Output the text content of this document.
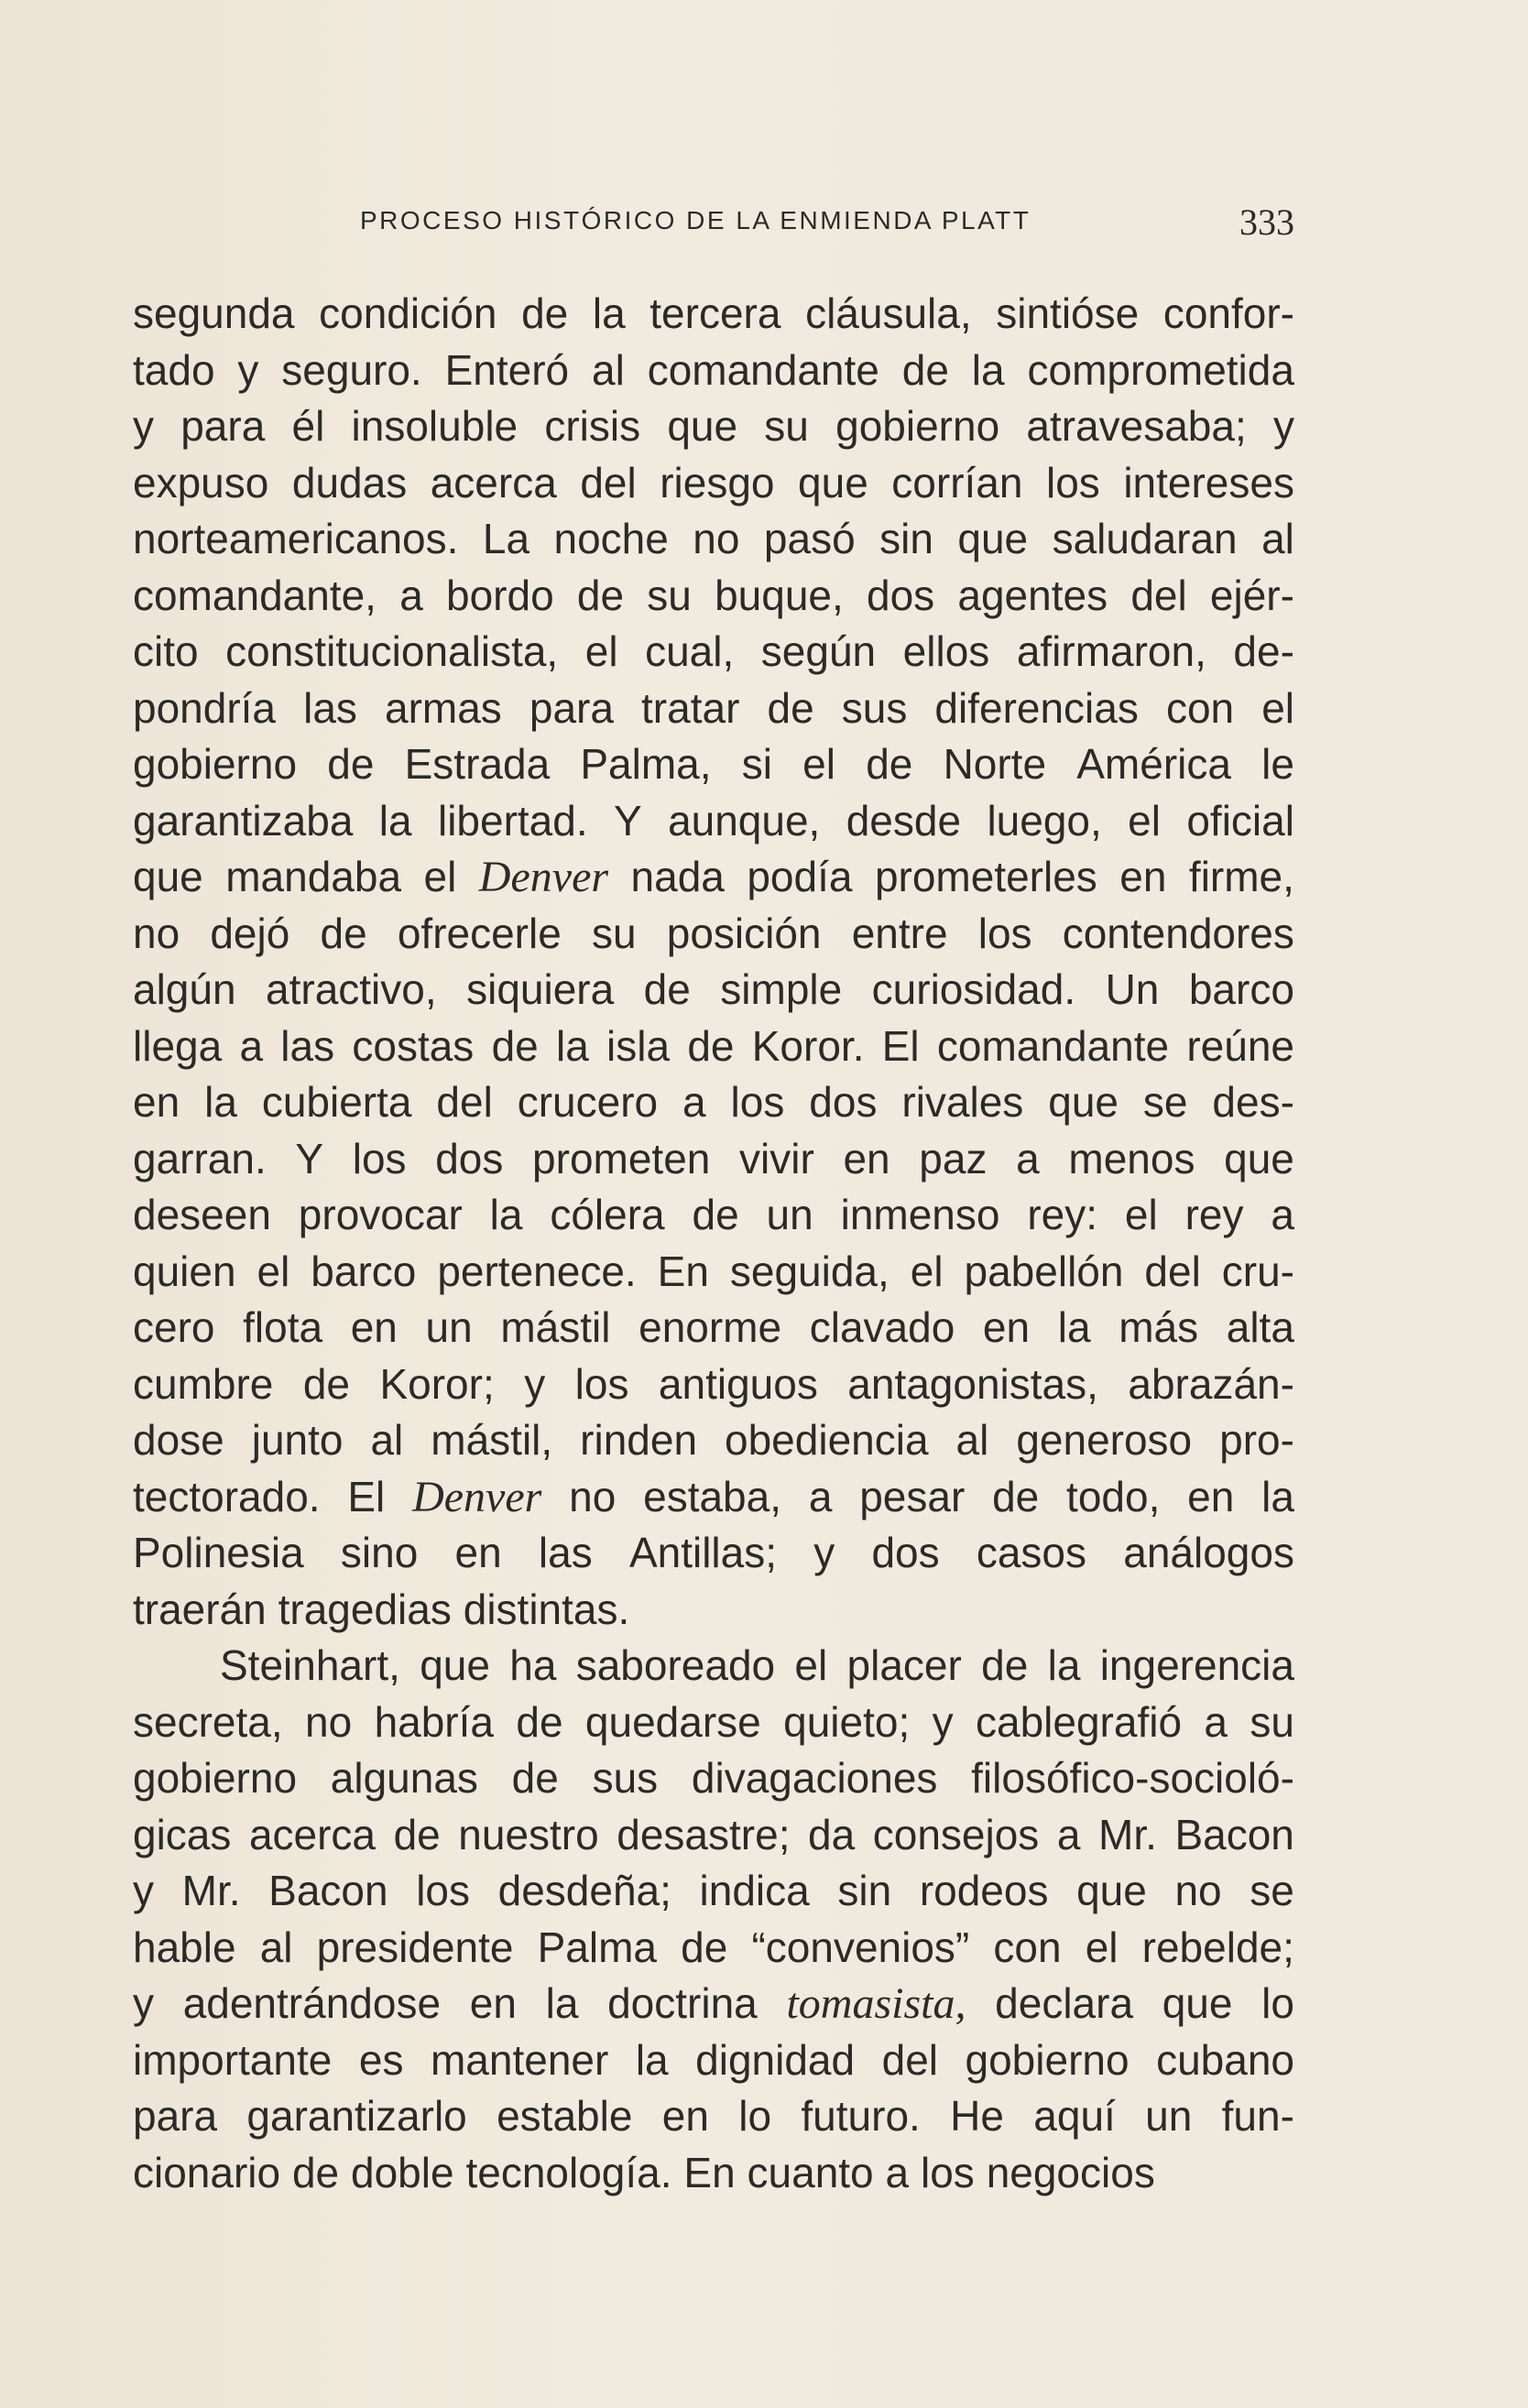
PROCESO HISTÓRICO DE LA ENMIENDA PLATT	333
segunda condición de la tercera cláusula, sintióse confor-
tado y seguro. Enteró al comandante de la comprometida
y para él insoluble crisis que su gobierno atravesaba; y
expuso dudas acerca del riesgo que corrían los intereses
norteamericanos. La noche no pasó sin que saludaran al
comandante, a bordo de su buque, dos agentes del ejér-
cito constitucionalista, el cual, según ellos afirmaron, de-
pondría las armas para tratar de sus diferencias con el
gobierno de Estrada Palma, si el de Norte América le
garantizaba la libertad. Y aunque, desde luego, el oficial
que mandaba el Denver nada podía prometerles en firme,
no dejó de ofrecerle su posición entre los contendores
algún atractivo, siquiera de simple curiosidad. Un barco
llega a las costas de la isla de Koror. El comandante reúne
en la cubierta del crucero a los dos rivales que se des-
garran. Y los dos prometen vivir en paz a menos que
deseen provocar la cólera de un inmenso rey: el rey a
quien el barco pertenece. En seguida, el pabellón del cru-
cero flota en un mástil enorme clavado en la más alta
cumbre de Koror; y los antiguos antagonistas, abrazán-
dose junto al mástil, rinden obediencia al generoso pro-
tectorado. El Denver no estaba, a pesar de todo, en la
Polinesia sino en las Antillas; y dos casos análogos
traerán tragedias distintas.
Steinhart, que ha saboreado el placer de la ingerencia
secreta, no habría de quedarse quieto; y cablegrafió a su
gobierno algunas de sus divagaciones filosófico-socioló-
gicas acerca de nuestro desastre; da consejos a Mr. Bacon
y Mr. Bacon los desdeña; indica sin rodeos que no se
hable al presidente Palma de “convenios” con el rebelde;
y adentrándose en la doctrina tomasista, declara que lo
importante es mantener la dignidad del gobierno cubano
para garantizarlo estable en lo futuro. He aquí un fun-
cionario de doble tecnología. En cuanto a los negocios
